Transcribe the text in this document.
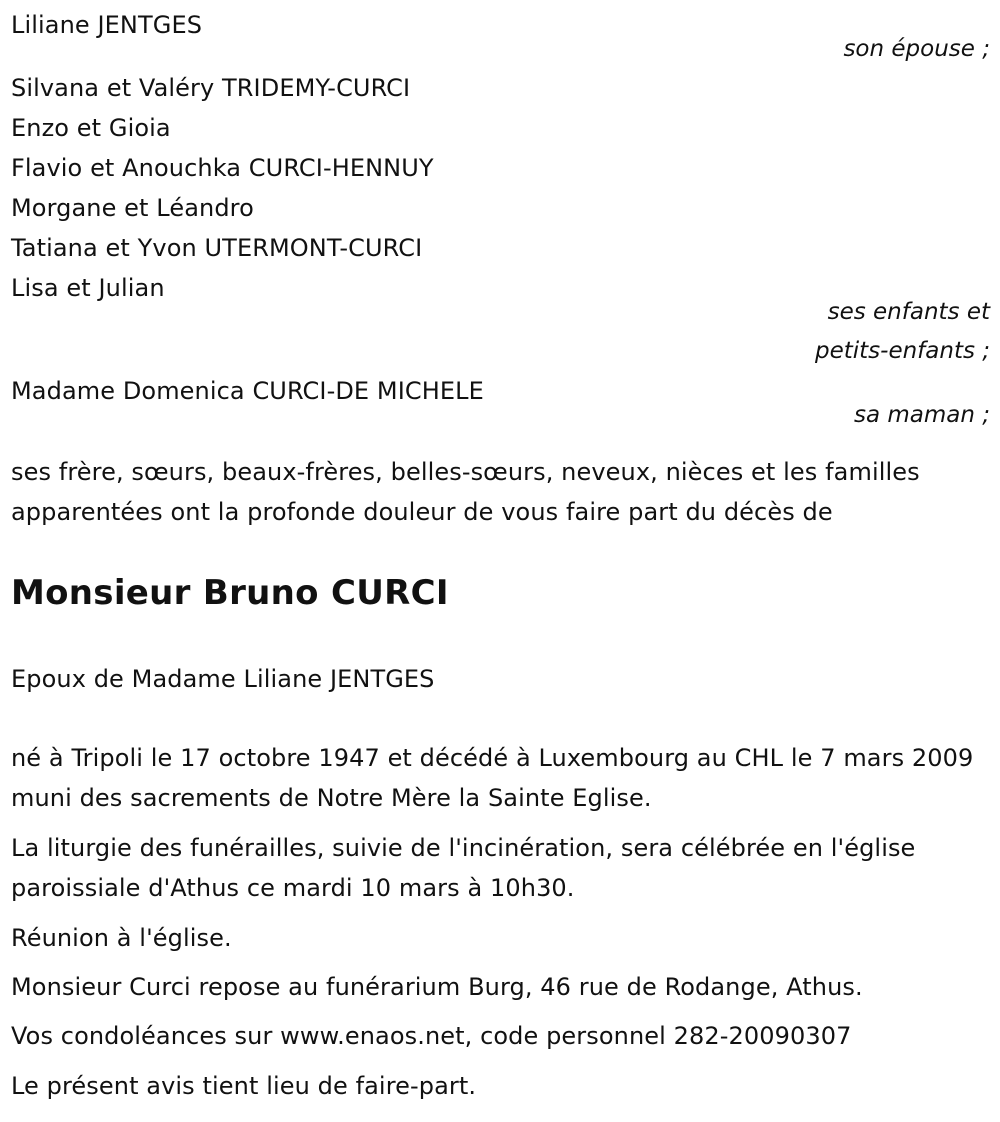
Liliane JENTGES
son épouse ;
Silvana et Valéry TRIDEMY-CURCI
Enzo et Gioia
Flavio et Anouchka CURCI-HENNUY
Morgane et Léandro
Tatiana et Yvon UTERMONT-CURCI
Lisa et Julian
ses enfants et
petits-enfants ;
Madame Domenica CURCI-DE MICHELE
sa maman ;
ses frère, sœurs, beaux-frères, belles-sœurs, neveux, nièces et les familles apparentées ont la profonde douleur de vous faire part du décès de
Monsieur Bruno CURCI
Epoux de Madame Liliane JENTGES
né à Tripoli le 17 octobre 1947 et décédé à Luxembourg au CHL le 7 mars 2009 muni des sacrements de Notre Mère la Sainte Eglise.
La liturgie des funérailles, suivie de l'incinération, sera célébrée en l'église paroissiale d'Athus ce mardi 10 mars à 10h30.
Réunion à l'église.
Monsieur Curci repose au funérarium Burg, 46 rue de Rodange, Athus.
Vos condoléances sur www.enaos.net, code personnel 282-20090307
Le présent avis tient lieu de faire-part.
